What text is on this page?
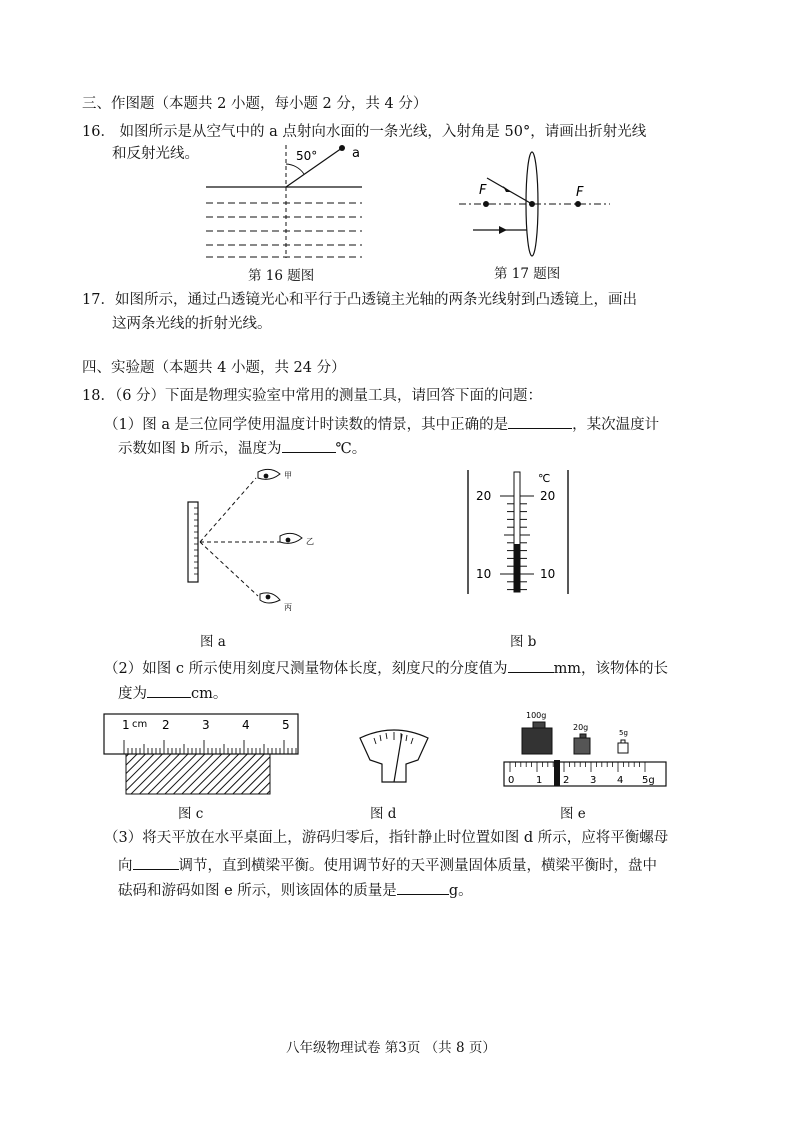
三、作图题（本题共 2 小题，每小题 2 分，共 4 分）
16． 如图所示是从空气中的 a 点射向水面的一条光线，入射角是 50°，请画出折射光线
和反射光线。	50°	a
第 16 题图
F	F
第 17 题图
17．如图所示，通过凸透镜光心和平行于凸透镜主光轴的两条光线射到凸透镜上，画出
这两条光线的折射光线。
四、实验题（本题共 4 小题，共 24 分）
18．（6 分）下面是物理实验室中常用的测量工具，请回答下面的问题：
（1）图 a 是三位同学使用温度计时读数的情景，其中正确的是	，某次温度计
示数如图 b 所示，温度为	℃。
甲
乙
丙
图 a
℃
20	20
10	10
图 b
（2）如图 c 所示使用刻度尺测量物体长度，刻度尺的分度值为	mm，该物体的长
度为	cm。
1 cm 2	3	4	5
图 c	图 d
100g
20g
5g
0 1 2 3 4 5g
图 e
（3）将天平放在水平桌面上，游码归零后，指针静止时位置如图 d 所示，应将平衡螺母
向	调节，直到横梁平衡。使用调节好的天平测量固体质量，横梁平衡时，盘中
砝码和游码如图 e 所示，则该固体的质量是	g。
八年级物理试卷 第3页 （共 8 页）
